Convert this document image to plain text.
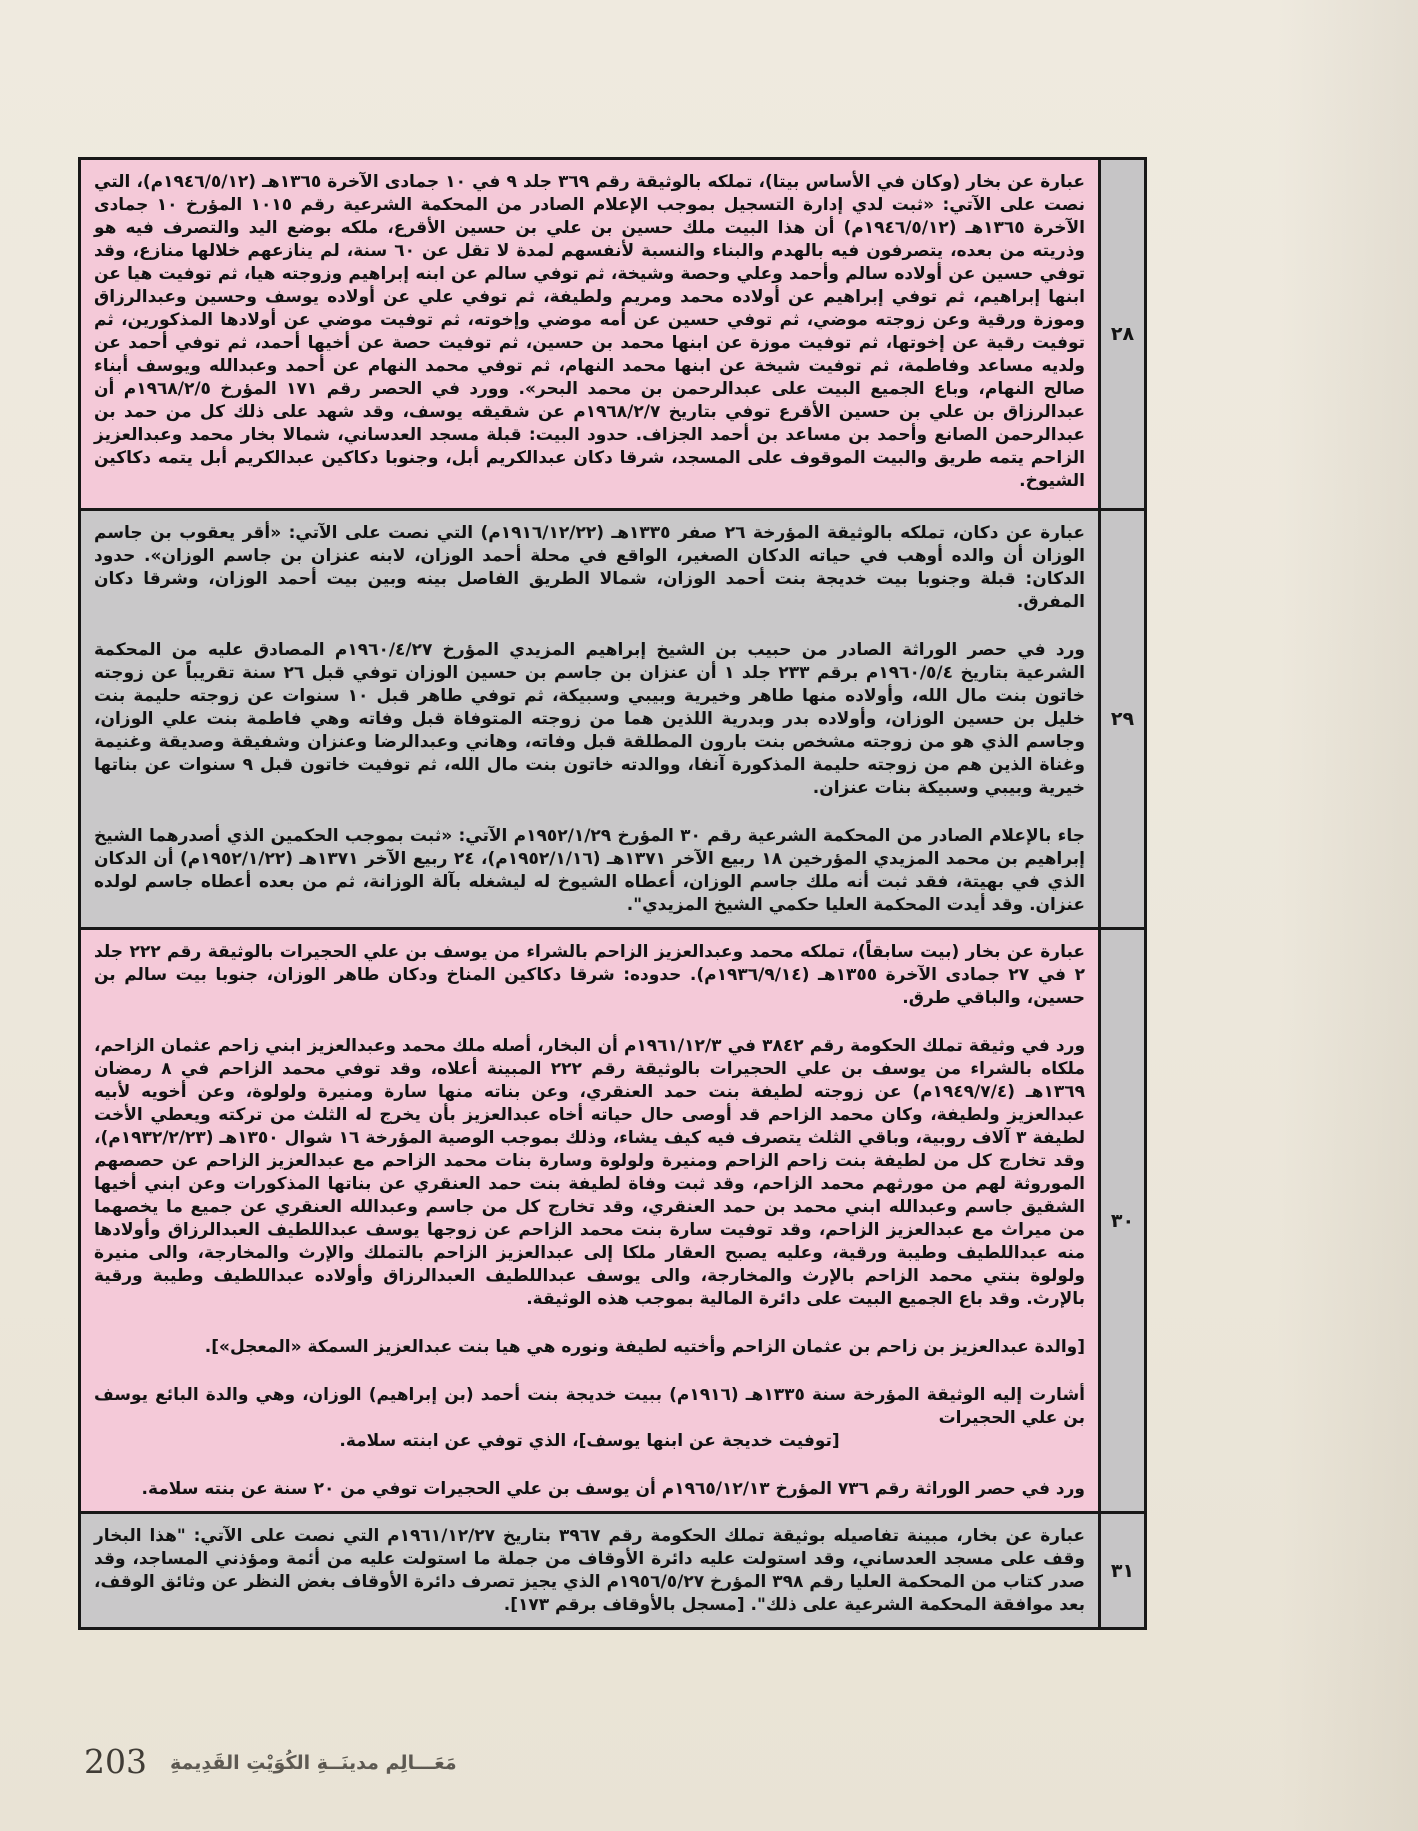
٢٨
عبارة عن بخار (وكان في الأساس بيتا)، تملكه بالوثيقة رقم ٣٦٩ جلد ٩ في ١٠ جمادى الآخرة ١٣٦٥هـ (١٩٤٦/٥/١٢م)، التي نصت على الآتي: «ثبت لدي إدارة التسجيل بموجب الإعلام الصادر من المحكمة الشرعية رقم ١٠١٥ المؤرخ ١٠ جمادى الآخرة ١٣٦٥هـ (١٩٤٦/٥/١٢م) أن هذا البيت ملك حسين بن علي بن حسين الأقرع، ملكه بوضع اليد والتصرف فيه هو وذريته من بعده، يتصرفون فيه بالهدم والبناء والنسبة لأنفسهم لمدة لا تقل عن ٦٠ سنة، لم ينازعهم خلالها منازع، وقد توفي حسين عن أولاده سالم وأحمد وعلي وحصة وشيخة، ثم توفي سالم عن ابنه إبراهيم وزوجته هيا، ثم توفيت هيا عن ابنها إبراهيم، ثم توفي إبراهيم عن أولاده محمد ومريم ولطيفة، ثم توفي علي عن أولاده يوسف وحسين وعبدالرزاق وموزة ورقية وعن زوجته موضي، ثم توفي حسين عن أمه موضي وإخوته، ثم توفيت موضي عن أولادها المذكورين، ثم توفيت رقية عن إخوتها، ثم توفيت موزة عن ابنها محمد بن حسين، ثم توفيت حصة عن أخيها أحمد، ثم توفي أحمد عن ولديه مساعد وفاطمة، ثم توفيت شيخة عن ابنها محمد النهام، ثم توفي محمد النهام عن أحمد وعبدالله ويوسف أبناء صالح النهام، وباع الجميع البيت على عبدالرحمن بن محمد البحر». وورد في الحصر رقم ١٧١ المؤرخ ١٩٦٨/٢/٥م أن عبدالرزاق بن علي بن حسين الأقرع توفي بتاريخ ١٩٦٨/٢/٧م عن شقيقه يوسف، وقد شهد على ذلك كل من حمد بن عبدالرحمن الصانع وأحمد بن مساعد بن أحمد الجزاف. حدود البيت: قبلة مسجد العدساني، شمالا بخار محمد وعبدالعزيز الزاحم يتمه طريق والبيت الموقوف على المسجد، شرقا دكان عبدالكريم أبل، وجنوبا دكاكين عبدالكريم أبل يتمه دكاكين الشيوخ.
٢٩
عبارة عن دكان، تملكه بالوثيقة المؤرخة ٢٦ صفر ١٣٣٥هـ (١٩١٦/١٢/٢٢م) التي نصت على الآتي: «أقر يعقوب بن جاسم الوزان أن والده أوهب في حياته الدكان الصغير، الواقع في محلة أحمد الوزان، لابنه عنزان بن جاسم الوزان». حدود الدكان: قبلة وجنوبا بيت خديجة بنت أحمد الوزان، شمالا الطريق الفاصل بينه وبين بيت أحمد الوزان، وشرقا دكان المفرق.
ورد في حصر الوراثة الصادر من حبيب بن الشيخ إبراهيم المزيدي المؤرخ ١٩٦٠/٤/٢٧م المصادق عليه من المحكمة الشرعية بتاريخ ١٩٦٠/٥/٤م برقم ٢٣٣ جلد ١ أن عنزان بن جاسم بن حسين الوزان توفي قبل ٢٦ سنة تقريباً عن زوجته خاتون بنت مال الله، وأولاده منها طاهر وخيرية وبيبي وسبيكة، ثم توفي طاهر قبل ١٠ سنوات عن زوجته حليمة بنت خليل بن حسين الوزان، وأولاده بدر وبدرية اللذين هما من زوجته المتوفاة قبل وفاته وهي فاطمة بنت علي الوزان، وجاسم الذي هو من زوجته مشخص بنت بارون المطلقة قبل وفاته، وهاني وعبدالرضا وعنزان وشفيقة وصديقة وغنيمة وغناة الذين هم من زوجته حليمة المذكورة آنفا، ووالدته خاتون بنت مال الله، ثم توفيت خاتون قبل ٩ سنوات عن بناتها خيرية وبيبي وسبيكة بنات عنزان.
جاء بالإعلام الصادر من المحكمة الشرعية رقم ٣٠ المؤرخ ١٩٥٢/١/٢٩م الآتي: «ثبت بموجب الحكمين الذي أصدرهما الشيخ إبراهيم بن محمد المزيدي المؤرخين ١٨ ربيع الآخر ١٣٧١هـ (١٩٥٢/١/١٦م)، ٢٤ ربيع الآخر ١٣٧١هـ (١٩٥٢/١/٢٢م) أن الدكان الذي في بهيتة، فقد ثبت أنه ملك جاسم الوزان، أعطاه الشيوخ له ليشغله بآلة الوزانة، ثم من بعده أعطاه جاسم لولده عنزان. وقد أيدت المحكمة العليا حكمي الشيخ المزيدي".
٣٠
عبارة عن بخار (بيت سابقاً)، تملكه محمد وعبدالعزيز الزاحم بالشراء من يوسف بن علي الحجيرات بالوثيقة رقم ٢٢٢ جلد ٢ في ٢٧ جمادى الآخرة ١٣٥٥هـ (١٩٣٦/٩/١٤م). حدوده: شرقا دكاكين المناخ ودكان طاهر الوزان، جنوبا بيت سالم بن حسين، والباقي طرق.
ورد في وثيقة تملك الحكومة رقم ٣٨٤٢ في ١٩٦١/١٢/٣م أن البخار، أصله ملك محمد وعبدالعزيز ابني زاحم عثمان الزاحم، ملكاه بالشراء من يوسف بن علي الحجيرات بالوثيقة رقم ٢٢٢ المبينة أعلاه، وقد توفي محمد الزاحم في ٨ رمضان ١٣٦٩هـ (١٩٤٩/٧/٤م) عن زوجته لطيفة بنت حمد العنقري، وعن بناته منها سارة ومنيرة ولولوة، وعن أخويه لأبيه عبدالعزيز ولطيفة، وكان محمد الزاحم قد أوصى حال حياته أخاه عبدالعزيز بأن يخرج له الثلث من تركته ويعطي الأخت لطيفة ٣ آلاف روبية، وباقي الثلث يتصرف فيه كيف يشاء، وذلك بموجب الوصية المؤرخة ١٦ شوال ١٣٥٠هـ (١٩٣٢/٢/٢٣م)، وقد تخارج كل من لطيفة بنت زاحم الزاحم ومنيرة ولولوة وسارة بنات محمد الزاحم مع عبدالعزيز الزاحم عن حصصهم الموروثة لهم من مورثهم محمد الزاحم، وقد ثبت وفاة لطيفة بنت حمد العنقري عن بناتها المذكورات وعن ابني أخيها الشقيق جاسم وعبدالله ابني محمد بن حمد العنقري، وقد تخارج كل من جاسم وعبدالله العنقري عن جميع ما يخصهما من ميراث مع عبدالعزيز الزاحم، وقد توفيت سارة بنت محمد الزاحم عن زوجها يوسف عبداللطيف العبدالرزاق وأولادها منه عبداللطيف وطيبة ورقية، وعليه يصبح العقار ملكا إلى عبدالعزيز الزاحم بالتملك والإرث والمخارجة، والى منيرة ولولوة بنتي محمد الزاحم بالإرث والمخارجة، والى يوسف عبداللطيف العبدالرزاق وأولاده عبداللطيف وطيبة ورقية بالإرث. وقد باع الجميع البيت على دائرة المالية بموجب هذه الوثيقة.
[والدة عبدالعزيز بن زاحم بن عثمان الزاحم وأختيه لطيفة ونوره هي هيا بنت عبدالعزيز السمكة «المعجل»].
أشارت إليه الوثيقة المؤرخة سنة ١٣٣٥هـ (١٩١٦م) ببيت خديجة بنت أحمد (بن إبراهيم) الوزان، وهي والدة البائع يوسف بن علي الحجيرات
[توفيت خديجة عن ابنها يوسف]، الذي توفي عن ابنته سلامة.
ورد في حصر الوراثة رقم ٧٣٦ المؤرخ ١٩٦٥/١٢/١٣م أن يوسف بن علي الحجيرات توفي من ٢٠ سنة عن بنته سلامة.
٣١
عبارة عن بخار، مبينة تفاصيله بوثيقة تملك الحكومة رقم ٣٩٦٧ بتاريخ ١٩٦١/١٢/٢٧م التي نصت على الآتي: "هذا البخار وقف على مسجد العدساني، وقد استولت عليه دائرة الأوقاف من جملة ما استولت عليه من أئمة ومؤذني المساجد، وقد صدر كتاب من المحكمة العليا رقم ٣٩٨ المؤرخ ١٩٥٦/٥/٢٧م الذي يجيز تصرف دائرة الأوقاف بغض النظر عن وثائق الوقف، بعد موافقة المحكمة الشرعية على ذلك". [مسجل بالأوقاف برقم ١٧٣].
203 مَعَـــالِم مدينَــةِ الكُوَيْتِ القَدِيمةِ
